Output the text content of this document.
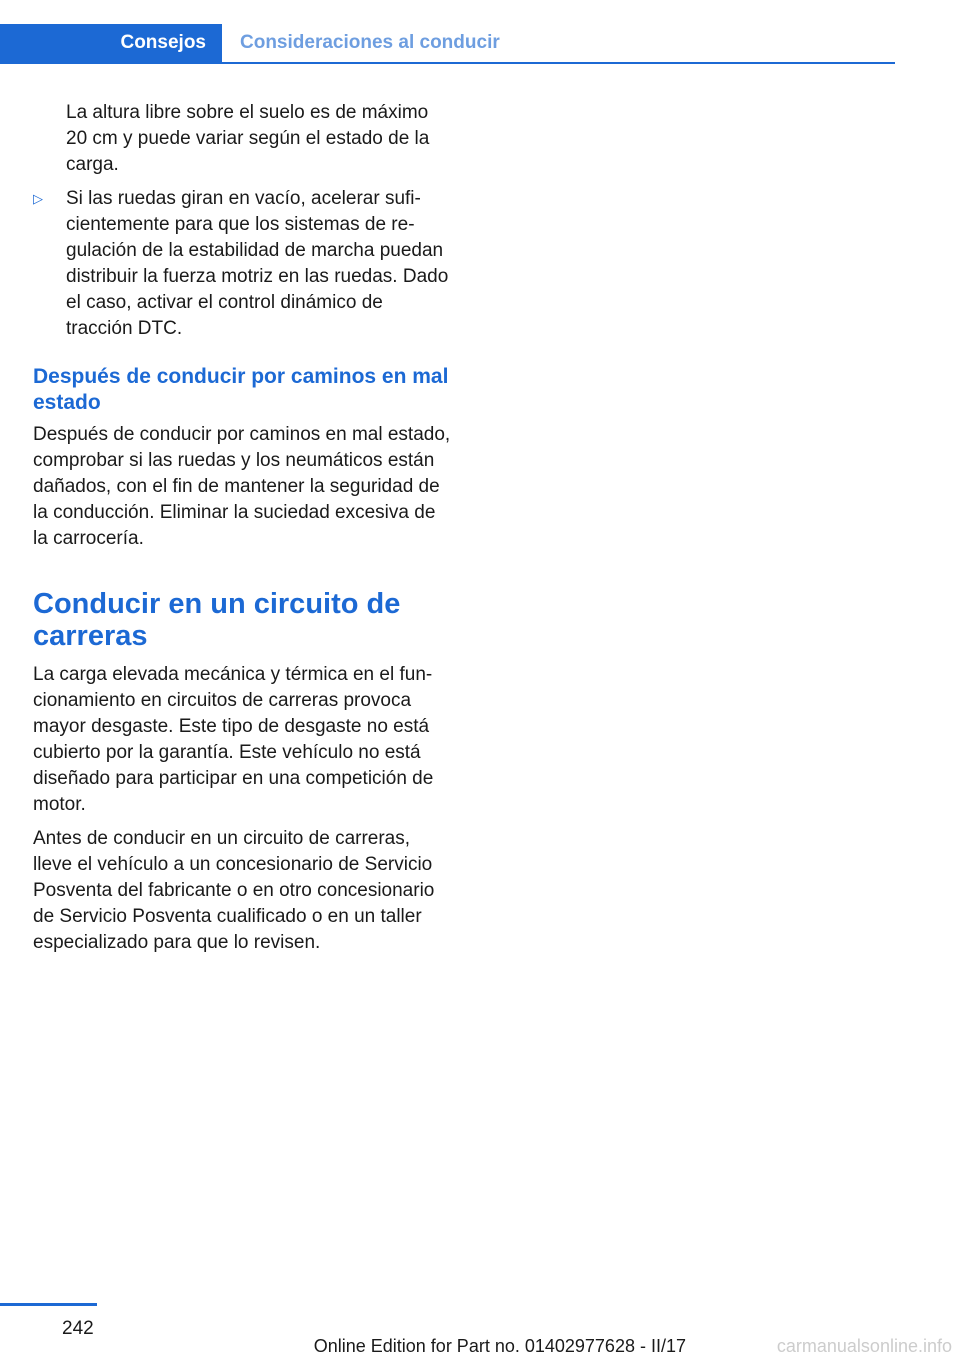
Consejos	Consideraciones al conducir

La altura libre sobre el suelo es de máximo 20 cm y puede variar según el estado de la carga.

▷ Si las ruedas giran en vacío, acelerar suficientemente para que los sistemas de regulación de la estabilidad de marcha puedan distribuir la fuerza motriz en las ruedas. Dado el caso, activar el control dinámico de tracción DTC.
Después de conducir por caminos en mal estado

Después de conducir por caminos en mal estado, comprobar si las ruedas y los neumáticos están dañados, con el fin de mantener la seguridad de la conducción. Eliminar la suciedad excesiva de la carrocería.

Conducir en un circuito de carreras

La carga elevada mecánica y térmica en el funcionamiento en circuitos de carreras provoca mayor desgaste. Este tipo de desgaste no está cubierto por la garantía. Este vehículo no está diseñado para participar en una competición de motor.

Antes de conducir en un circuito de carreras, lleve el vehículo a un concesionario de Servicio Posventa del fabricante o en otro concesionario de Servicio Posventa cualificado o en un taller especializado para que lo revisen.

242
Online Edition for Part no. 01402977628 - II/17	carmanualsonline.info
